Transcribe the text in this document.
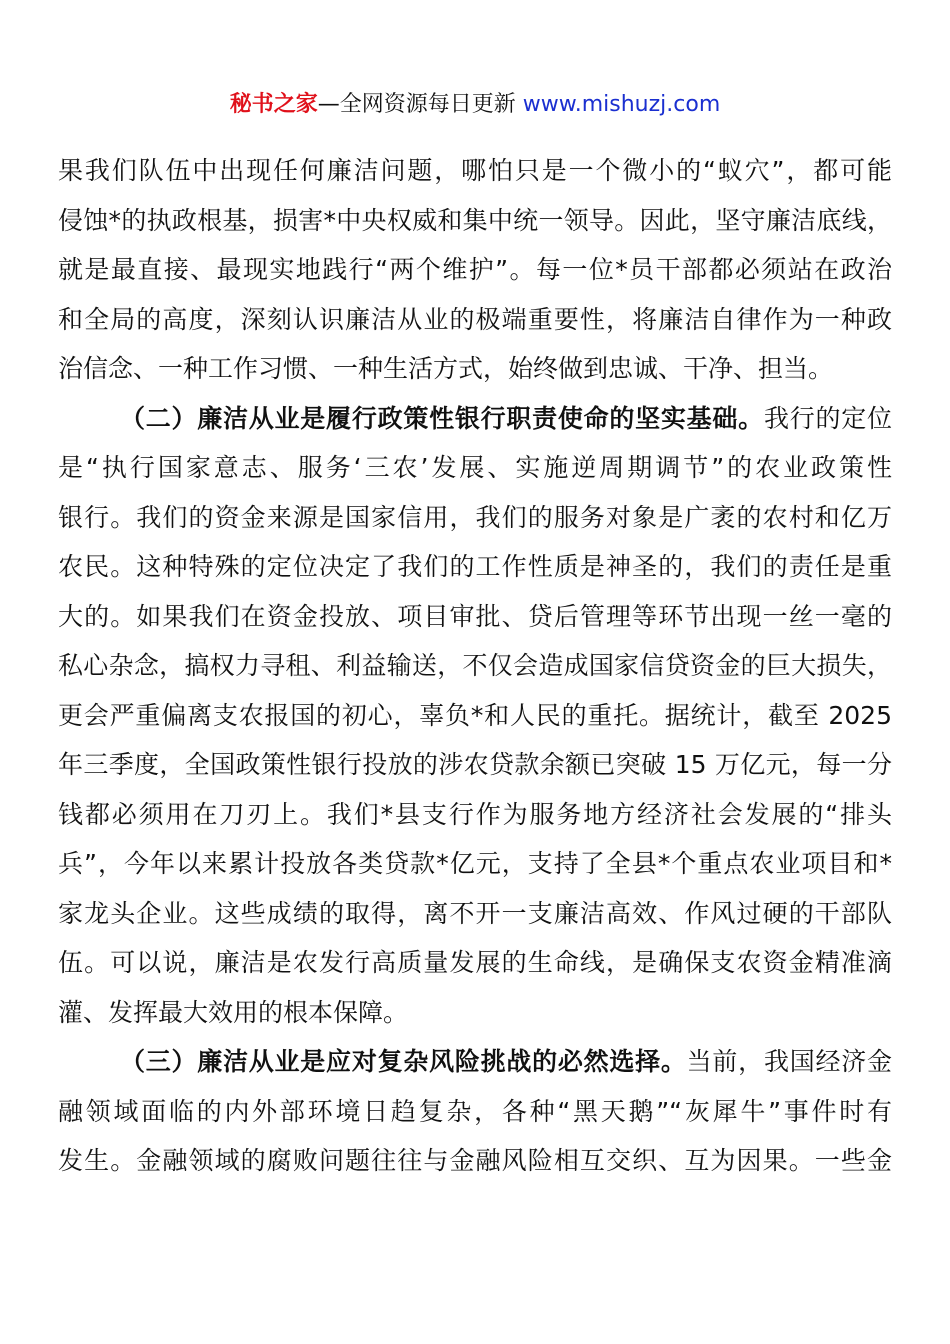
秘书之家—全网资源每日更新 www.mishuzj.com
果我们队伍中出现任何廉洁问题，哪怕只是一个微小的“蚁穴”，都可能
侵蚀*的执政根基，损害*中央权威和集中统一领导。因此，坚守廉洁底线，
就是最直接、最现实地践行“两个维护”。每一位*员干部都必须站在政治
和全局的高度，深刻认识廉洁从业的极端重要性，将廉洁自律作为一种政
治信念、一种工作习惯、一种生活方式，始终做到忠诚、干净、担当。
（二）廉洁从业是履行政策性银行职责使命的坚实基础。我行的定位
是“执行国家意志、服务‘三农’发展、实施逆周期调节”的农业政策性
银行。我们的资金来源是国家信用，我们的服务对象是广袤的农村和亿万
农民。这种特殊的定位决定了我们的工作性质是神圣的，我们的责任是重
大的。如果我们在资金投放、项目审批、贷后管理等环节出现一丝一毫的
私心杂念，搞权力寻租、利益输送，不仅会造成国家信贷资金的巨大损失，
更会严重偏离支农报国的初心，辜负*和人民的重托。据统计，截至 2025
年三季度，全国政策性银行投放的涉农贷款余额已突破 15 万亿元，每一分
钱都必须用在刀刃上。我们*县支行作为服务地方经济社会发展的“排头
兵”，今年以来累计投放各类贷款*亿元，支持了全县*个重点农业项目和*
家龙头企业。这些成绩的取得，离不开一支廉洁高效、作风过硬的干部队
伍。可以说，廉洁是农发行高质量发展的生命线，是确保支农资金精准滴
灌、发挥最大效用的根本保障。
（三）廉洁从业是应对复杂风险挑战的必然选择。当前，我国经济金
融领域面临的内外部环境日趋复杂，各种“黑天鹅”“灰犀牛”事件时有
发生。金融领域的腐败问题往往与金融风险相互交织、互为因果。一些金
